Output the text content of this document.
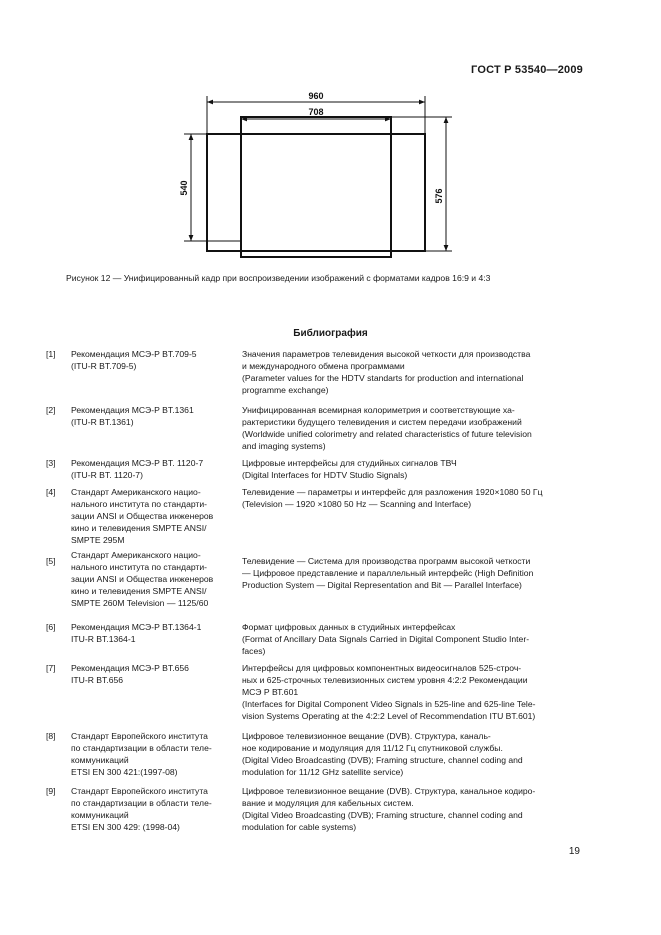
ГОСТ Р 53540—2009
960
708
540
576
Рисунок 12 — Унифицированный кадр при воспроизведении изображений с форматами кадров 16:9 и 4:3
Библиография
[1] Рекомендация МСЭ-Р BT.709-5
(ITU-R BT.709-5)
Значения параметров телевидения высокой четкости для производства
и международного обмена программами
(Parameter values for the HDTV standarts for production and international
programme exchange)
[2] Рекомендация МСЭ-Р BT.1361
(ITU-R BT.1361)
Унифицированная всемирная колориметрия и соответствующие ха-
рактеристики будущего телевидения и систем передачи изображений
(Worldwide unified colorimetry and related characteristics of future television
and imaging systems)
[3] Рекомендация МСЭ-Р BT. 1120-7
(ITU-R BT. 1120-7)
Цифровые интерфейсы для студийных сигналов ТВЧ
(Digital Interfaces for HDTV Studio Signals)
[4] Стандарт Американского нацио-
нального института по стандарти-
зации ANSI и Общества инженеров
кино и телевидения SMPTE ANSI/
SMPTE 295M
Телевидение — параметры и интерфейс для разложения 1920×1080 50 Гц
(Television — 1920 ×1080 50 Hz — Scanning and Interface)
[5]
Стандарт Американского нацио-
нального института по стандарти-
зации ANSI и Общества инженеров
кино и телевидения SMPTE ANSI/
SMPTE 260M Television — 1125/60
Телевидение — Система для производства программ высокой четкости
— Цифровое представление и параллельный интерфейс (High Definition
Production System — Digital Representation and Bit — Parallel Interface)
[6] Рекомендация МСЭ-Р BT.1364-1
ITU-R BT.1364-1
Формат цифровых данных в студийных интерфейсах
(Format of Ancillary Data Signals Carried in Digital Component Studio Inter-
faces)
[7] Рекомендация МСЭ-Р BT.656
ITU-R BT.656
Интерфейсы для цифровых компонентных видеосигналов 525-строч-
ных и 625-строчных телевизионных систем уровня 4:2:2 Рекомендации
МСЭ Р ВТ.601
(Interfaces for Digital Component Video Signals in 525-line and 625-line Tele-
vision Systems Operating at the 4:2:2 Level of Recommendation ITU BT.601)
[8] Стандарт Европейского института
по стандартизации в области теле-
коммуникаций
ETSI EN 300 421:(1997-08)
Цифровое телевизионное вещание (DVB). Структура, каналь-
ное кодирование и модуляция для 11/12 Гц спутниковой службы.
(Digital Video Broadcasting (DVB); Framing structure, channel coding and
modulation for 11/12 GHz satellite service)
[9] Стандарт Европейского института
по стандартизации в области теле-
коммуникаций
ETSI EN 300 429: (1998-04)
Цифровое телевизионное вещание (DVB). Структура, канальное кодиро-
вание и модуляция для кабельных систем.
(Digital Video Broadcasting (DVB); Framing structure, channel coding and
modulation for cable systems)
19
